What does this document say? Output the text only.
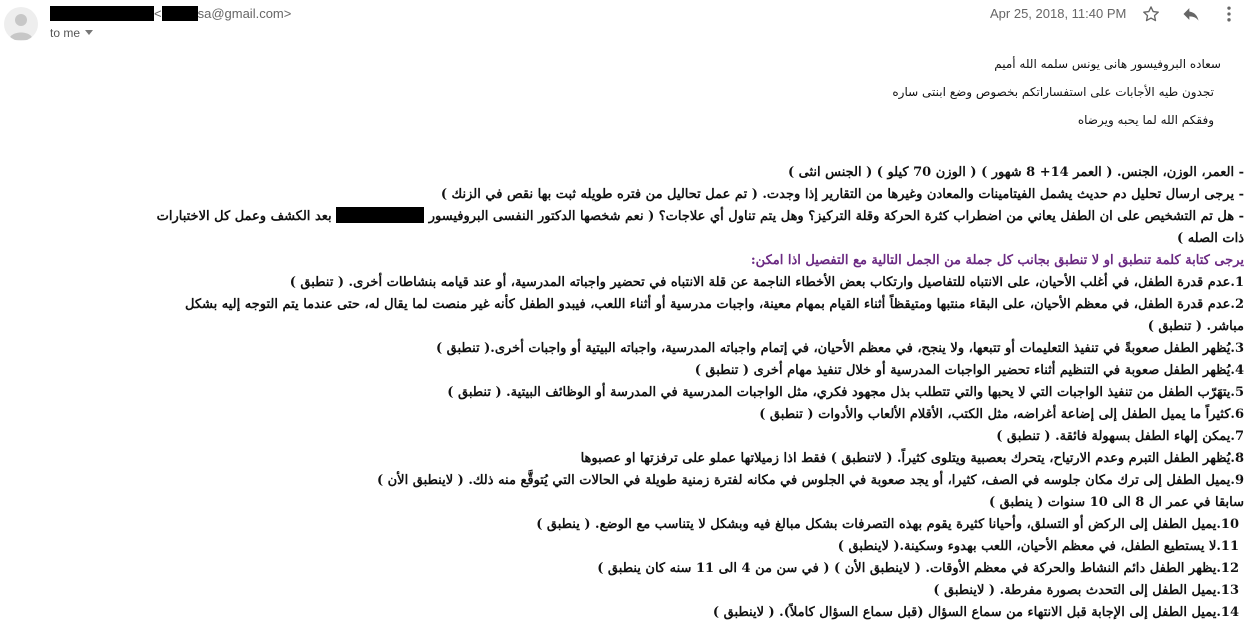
<	sa@gmail.com>
to me
Apr 25, 2018, 11:40 PM
سعاده البروفيسور هانى يونس سلمه الله أميم
تجدون طيه الأجابات على استفساراتكم بخصوص وضع ابنتى ساره
وفقكم الله لما يحبه ويرضاه
- العمر، الوزن، الجنس. ( العمر 14+ 8 شهور ) ( الوزن 70 كيلو ) ( الجنس انثى )
- يرجى ارسال تحليل دم حديث يشمل الفيتامينات والمعادن وغيرها من التقارير إذا وجدت. ( تم عمل تحاليل من فتره طويله ثبت بها نقص في الزنك )
- هل تم التشخيص على ان الطفل يعاني من اضطراب كثرة الحركة وقلة التركيز؟ وهل يتم تناول أي علاجات؟ ( نعم شخصها الدكتور النفسى البروفيسور  بعد الكشف وعمل كل الاختبارات
ذات الصله )
يرجى كتابة كلمة تنطبق او لا تنطبق بجانب كل جملة من الجمل التالية مع التفصيل اذا امكن:
1.عدم قدرة الطفل، في أغلب الأحيان، على الانتباه للتفاصيل وارتكاب بعض الأخطاء الناجمة عن قلة الانتباه في تحضير واجباته المدرسية، أو عند قيامه بنشاطات أخرى. ( تنطبق )
2.عدم قدرة الطفل، في معظم الأحيان، على البقاء منتبها ومتيقظاً أثناء القيام بمهام معينة، واجبات مدرسية أو أثناء اللعب، فيبدو الطفل كأنه غير منصت لما يقال له، حتى عندما يتم التوجه إليه بشكل
مباشر. ( تنطبق )
3.يُظهر الطفل صعوبةً في تنفيذ التعليمات أو تتبعها، ولا ينجح، في معظم الأحيان، في إتمام واجباته المدرسية، واجباته البيتية أو واجبات أخرى.( تنطبق )
4.يُظهر الطفل صعوبة في التنظيم أثناء تحضير الواجبات المدرسية أو خلال تنفيذ مهام أخرى ( تنطبق )
5.يتهَرّب الطفل من تنفيذ الواجبات التي لا يحبها والتي تتطلب بذل مجهود فكري، مثل الواجبات المدرسية في المدرسة أو الوظائف البيتية. ( تنطبق )
6.كثيراً ما يميل الطفل إلى إضاعة أغراضه، مثل الكتب، الأقلام الألعاب والأدوات ( تنطبق )
7.يمكن إلهاء الطفل بسهولة فائقة. ( تنطبق )
8.يُظهر الطفل التبرم وعدم الارتياح، يتحرك بعصبية ويتلوى كثيراً. ( لاتنطبق ) فقط اذا زميلاتها عملو على ترفزتها او عصبوها
9.يميل الطفل إلى ترك مكان جلوسه في الصف، كثيرا، أو يجد صعوبة في الجلوس في مكانه لفترة زمنية طويلة في الحالات التي يُتوقَّع منه ذلك. ( لاينطبق الأن )
سابقا في عمر ال 8 الى 10 سنوات ( ينطبق )
10.يميل الطفل إلى الركض أو التسلق، وأحيانا كثيرة يقوم بهذه التصرفات بشكل مبالغ فيه وبشكل لا يتناسب مع الوضع. ( ينطبق )
11.لا يستطيع الطفل، في معظم الأحيان، اللعب بهدوء وسكينة.( لاينطبق )
12.يظهر الطفل دائم النشاط والحركة في معظم الأوقات. ( لاينطبق الأن ) ( في سن من 4 الى 11 سنه كان ينطبق )
13.يميل الطفل إلى التحدث بصورة مفرطة. ( لاينطبق )
14.يميل الطفل إلى الإجابة قبل الانتهاء من سماع السؤال (قبل سماع السؤال كاملاً). ( لاينطبق )
